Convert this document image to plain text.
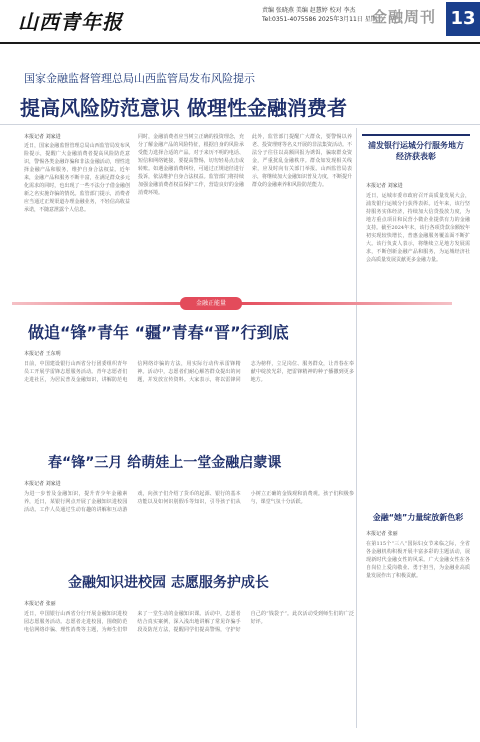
山西青年报	责编 张晓燕 美编 赵慧婷 校对 李杰
Tel:0351-4075586 2025年3月11日 星期二
金融周刊 13
国家金融监督管理总局山西监管局发布风险提示
提高风险防范意识 做理性金融消费者
本报记者 刘家进
近日，国家金融监督管理总局山西监管局发布风险提示，提醒广大金融消费者提高风险防范意识，警惕各类金融诈骗和非法金融活动，理性选择金融产品和服务，维护自身合法权益。近年来，金融产品和服务不断丰富，在满足群众多元化需求的同时，也出现了一些不法分子借金融创新之名实施诈骗的情况。监管部门提示，消费者应当通过正规渠道办理金融业务，不轻信高收益承诺，不随意泄露个人信息。
同时，金融消费者应当树立正确的投资理念，充分了解金融产品的风险特征，根据自身的风险承受能力选择合适的产品。对于来历不明的电话、短信和网络链接，要提高警惕，切勿轻易点击或转账。如遇金融消费纠纷，可通过正规途径进行投诉，依法维护自身合法权益。监管部门将持续加强金融消费者权益保护工作，营造良好的金融消费环境。
此外，监管部门提醒广大群众，要警惕以养老、投资理财等名义开展的非法集资活动。不法分子往往以高额回报为诱饵，骗取群众资金，严重扰乱金融秩序。群众如发现相关线索，应及时向有关部门举报。山西监管局表示，将继续加大金融知识普及力度，不断提升群众的金融素养和风险防范能力。
浦发银行运城分行服务地方经济获表彰
本报记者 刘家进
近日，运城市委市政府召开高质量发展大会，浦发银行运城分行获得表彰。近年来，该行坚持服务实体经济，持续加大信贷投放力度，为地方重点项目和民营小微企业提供有力的金融支持。截至2024年末，该行各项贷款余额较年初实现较快增长，普惠金融服务覆盖面不断扩大。该行负责人表示，将继续立足地方发展需求，不断创新金融产品和服务，为运城经济社会高质量发展贡献更多金融力量。
金融“她”力量绽放新色彩
本报记者 张丽
在第115个“三八”国际妇女节来临之际，全省各金融机构积极开展丰富多彩的主题活动，展现新时代金融女性的风采。广大金融女性在各自岗位上爱岗敬业、勇于担当，为金融业高质量发展作出了积极贡献。
金融正能量
做追“锋”青年 “疆”青春“晋”行到底
本报记者 王东明
日前，中国建设银行山西省分行团委组织青年员工开展学雷锋志愿服务活动。青年志愿者们走进社区，为居民普及金融知识，讲解防范电信网络诈骗的方法，用实际行动传承雷锋精神。活动中，志愿者们耐心解答群众提出的问题，并发放宣传资料。大家表示，将以雷锋同志为榜样，立足岗位、服务群众，让青春在奉献中绽放光彩，把雷锋精神的种子播撒到更多地方。
春“锋”三月 给萌娃上一堂金融启蒙课
本报记者 刘家进
为进一步普及金融知识，提升青少年金融素养，近日，某银行网点开展了金融知识进校园活动。工作人员通过生动有趣的讲解和互动游戏，向孩子们介绍了货币的起源、银行的基本功能以及如何识别假币等知识，引导孩子们从小树立正确的金钱观和消费观。孩子们积极参与，课堂气氛十分活跃。
金融知识进校园 志愿服务护成长
本报记者 张丽
近日，中国银行山西省分行开展金融知识进校园志愿服务活动。志愿者走进校园，围绕防范电信网络诈骗、理性消费等主题，为师生们带来了一堂生动的金融知识课。活动中，志愿者结合真实案例，深入浅出地讲解了常见诈骗手段及防范方法，提醒同学们提高警惕，守护好自己的“钱袋子”。此次活动受到师生们的广泛好评。
